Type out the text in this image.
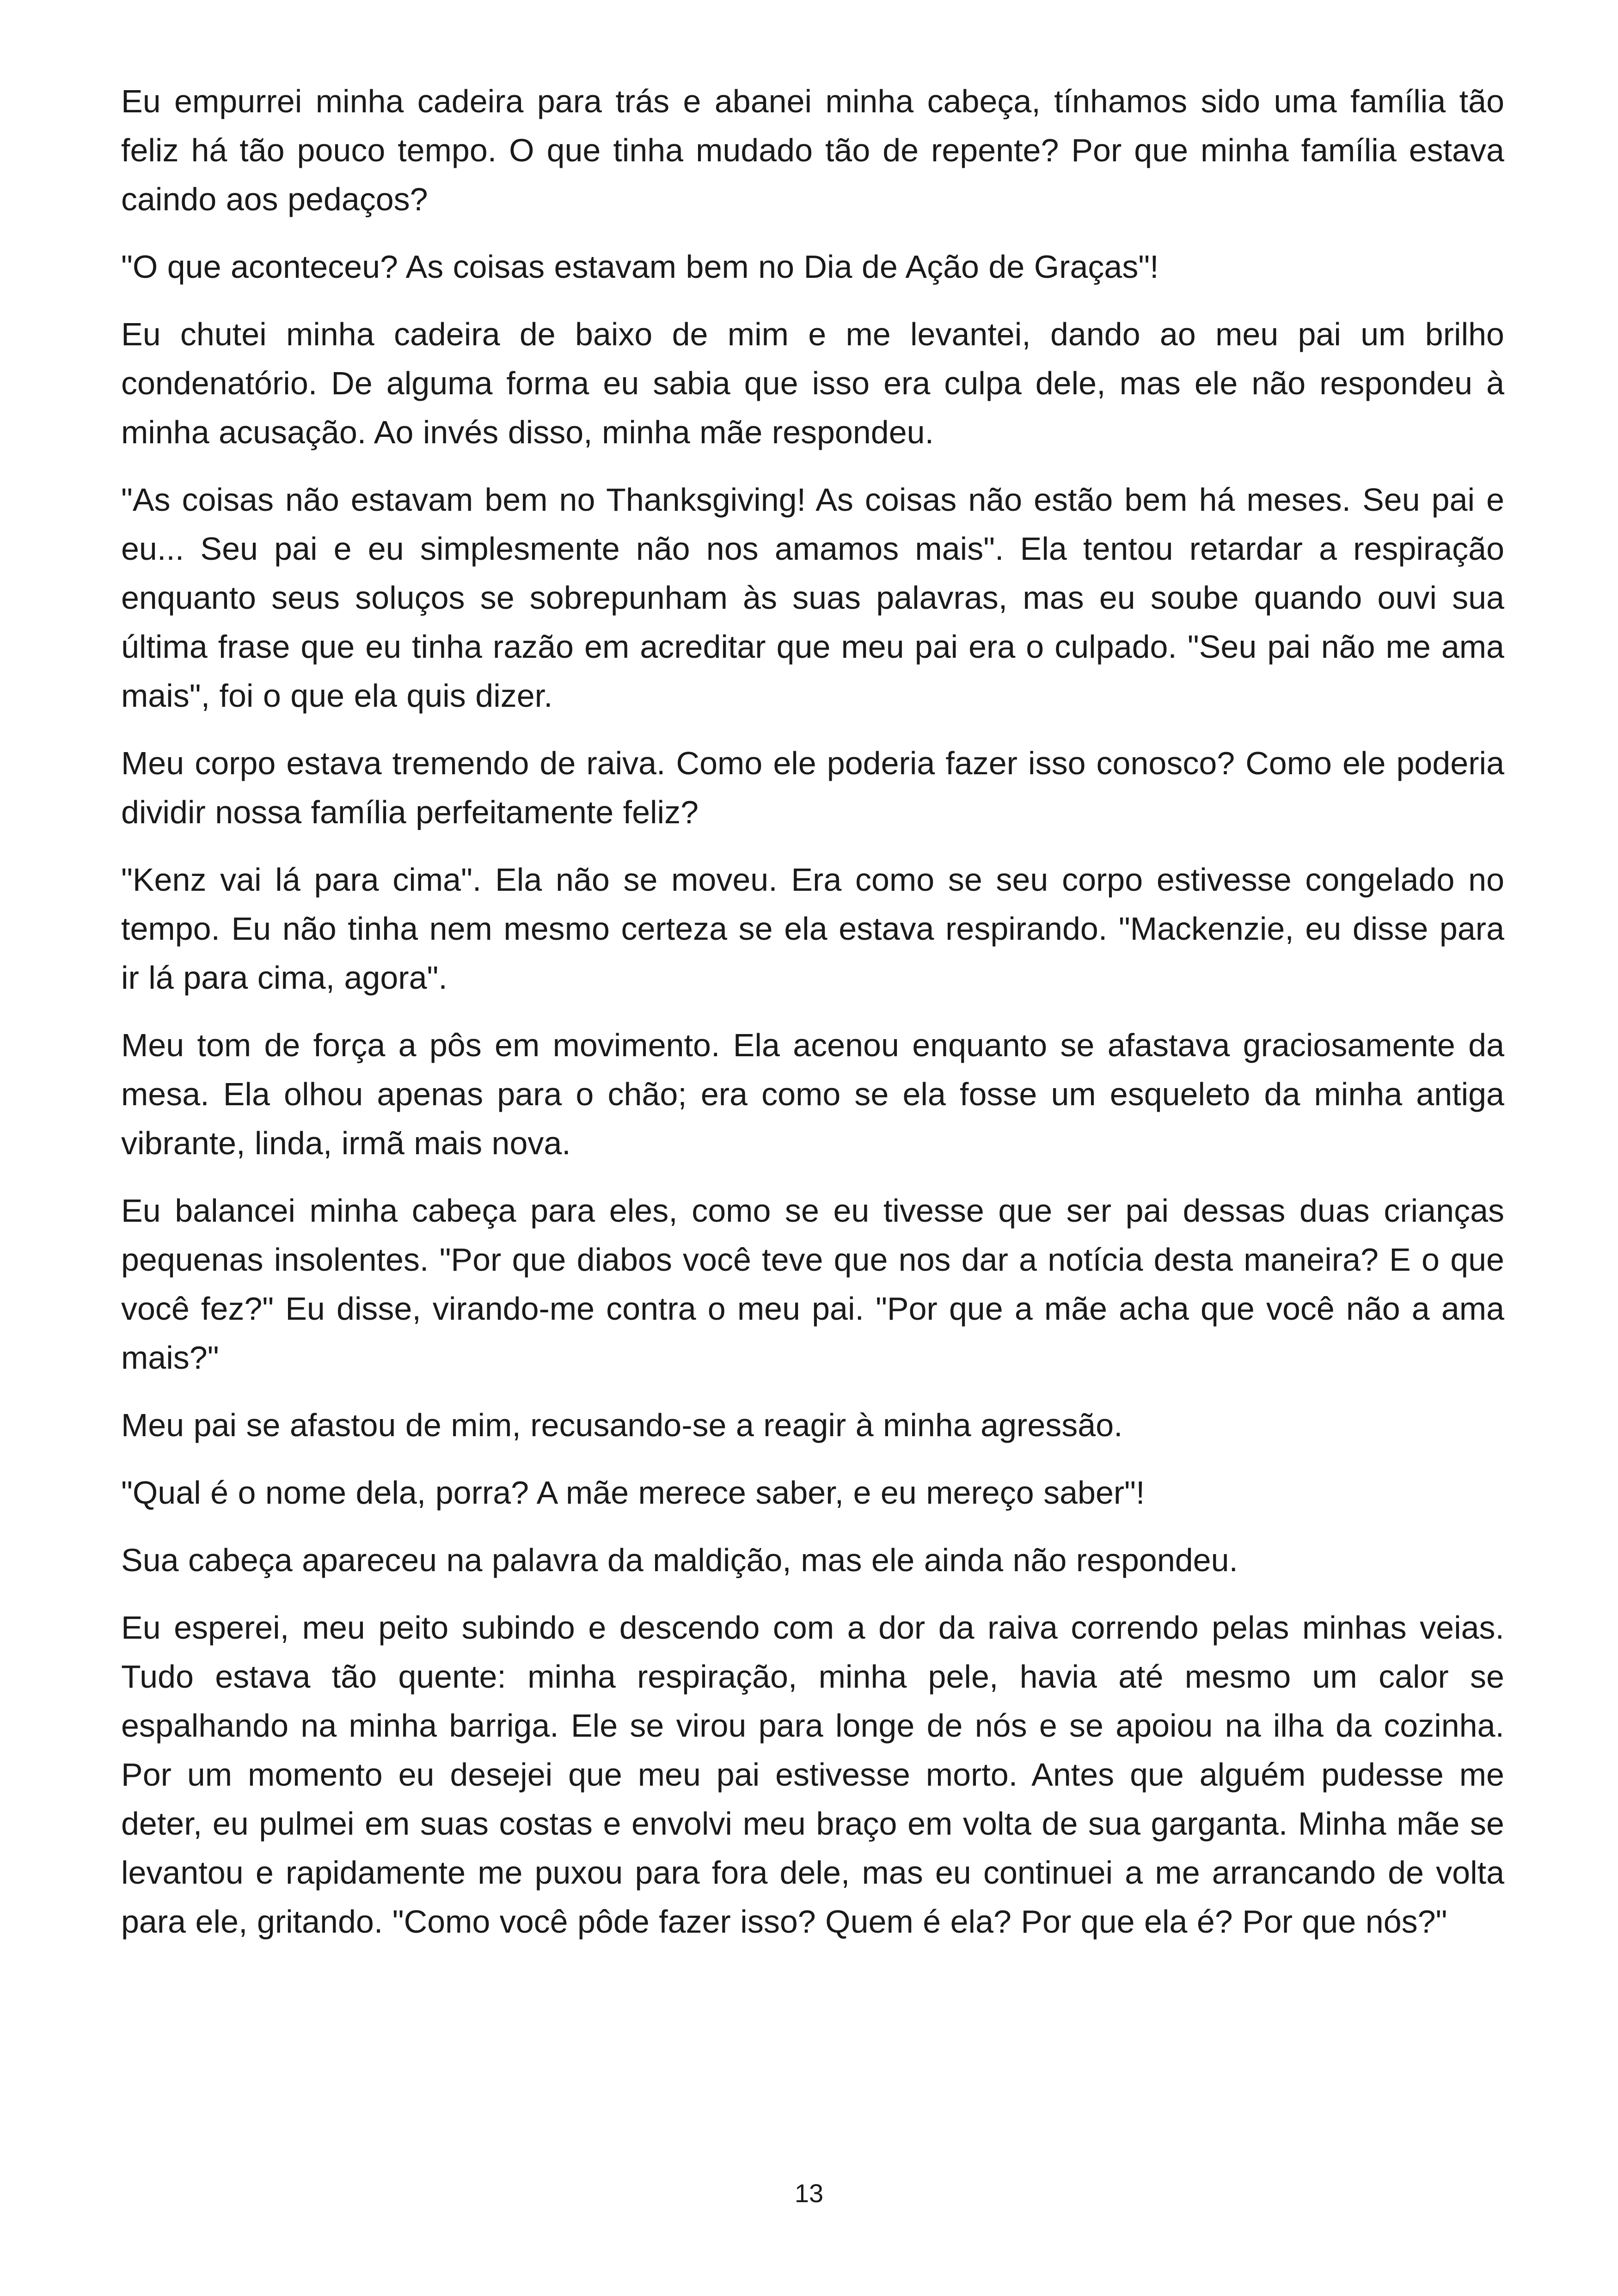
Eu empurrei minha cadeira para trás e abanei minha cabeça, tínhamos sido uma família tão feliz há tão pouco tempo. O que tinha mudado tão de repente? Por que minha família estava caindo aos pedaços?

"O que aconteceu? As coisas estavam bem no Dia de Ação de Graças"!

Eu chutei minha cadeira de baixo de mim e me levantei, dando ao meu pai um brilho condenatório. De alguma forma eu sabia que isso era culpa dele, mas ele não respondeu à minha acusação. Ao invés disso, minha mãe respondeu.

"As coisas não estavam bem no Thanksgiving! As coisas não estão bem há meses. Seu pai e eu... Seu pai e eu simplesmente não nos amamos mais". Ela tentou retardar a respiração enquanto seus soluços se sobrepunham às suas palavras, mas eu soube quando ouvi sua última frase que eu tinha razão em acreditar que meu pai era o culpado. "Seu pai não me ama mais", foi o que ela quis dizer.

Meu corpo estava tremendo de raiva. Como ele poderia fazer isso conosco? Como ele poderia dividir nossa família perfeitamente feliz?

"Kenz vai lá para cima". Ela não se moveu. Era como se seu corpo estivesse congelado no tempo. Eu não tinha nem mesmo certeza se ela estava respirando. "Mackenzie, eu disse para ir lá para cima, agora".

Meu tom de força a pôs em movimento. Ela acenou enquanto se afastava graciosamente da mesa. Ela olhou apenas para o chão; era como se ela fosse um esqueleto da minha antiga vibrante, linda, irmã mais nova.

Eu balancei minha cabeça para eles, como se eu tivesse que ser pai dessas duas crianças pequenas insolentes. "Por que diabos você teve que nos dar a notícia desta maneira? E o que você fez?" Eu disse, virando-me contra o meu pai. "Por que a mãe acha que você não a ama mais?"

Meu pai se afastou de mim, recusando-se a reagir à minha agressão.

"Qual é o nome dela, porra? A mãe merece saber, e eu mereço saber"!

Sua cabeça apareceu na palavra da maldição, mas ele ainda não respondeu.

Eu esperei, meu peito subindo e descendo com a dor da raiva correndo pelas minhas veias. Tudo estava tão quente: minha respiração, minha pele, havia até mesmo um calor se espalhando na minha barriga. Ele se virou para longe de nós e se apoiou na ilha da cozinha. Por um momento eu desejei que meu pai estivesse morto. Antes que alguém pudesse me deter, eu pulmei em suas costas e envolvi meu braço em volta de sua garganta. Minha mãe se levantou e rapidamente me puxou para fora dele, mas eu continuei a me arrancando de volta para ele, gritando. "Como você pôde fazer isso? Quem é ela? Por que ela é? Por que nós?"

13
